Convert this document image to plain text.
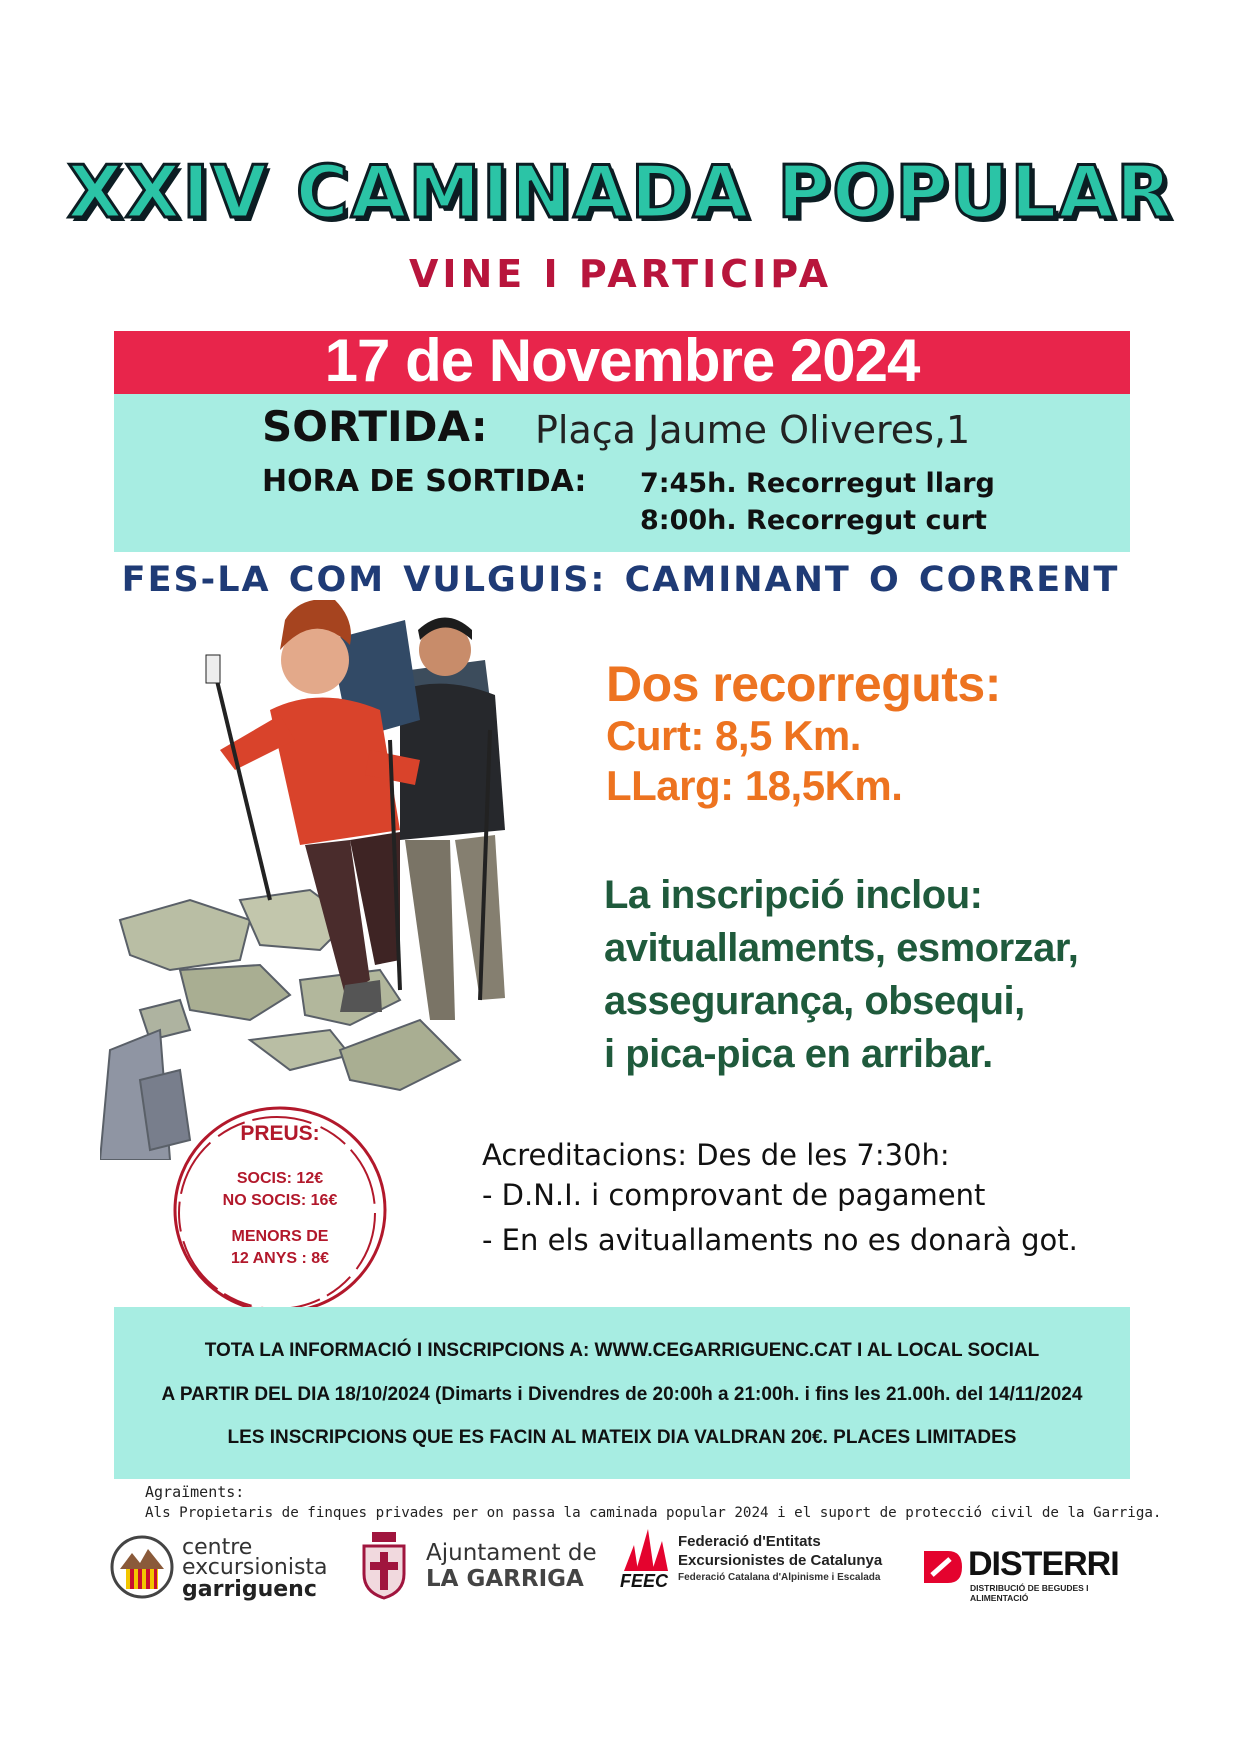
XXIV CAMINADA POPULAR
VINE I PARTICIPA
17 de Novembre 2024
SORTIDA: Plaça Jaume Oliveres,1
HORA DE SORTIDA: 7:45h. Recorregut llarg
8:00h. Recorregut curt
FES-LA COM VULGUIS: CAMINANT O CORRENT
Dos recorreguts:
Curt: 8,5 Km.
LLarg: 18,5Km.
La inscripció inclou:
avituallaments, esmorzar,
assegurança, obsequi,
i pica-pica en arribar.
PREUS:
SOCIS: 12€
NO SOCIS: 16€
MENORS DE
12 ANYS : 8€
Acreditacions: Des de les 7:30h:
- D.N.I. i comprovant de pagament
- En els avituallaments no es donarà got.
TOTA LA INFORMACIÓ I INSCRIPCIONS A: WWW.CEGARRIGUENC.CAT I AL LOCAL SOCIAL
A PARTIR DEL DIA 18/10/2024 (Dimarts i Divendres de 20:00h a 21:00h. i fins les 21.00h. del 14/11/2024
LES INSCRIPCIONS QUE ES FACIN AL MATEIX DIA VALDRAN 20€. PLACES LIMITADES
Agraïments:
Als Propietaris de finques privades per on passa la caminada popular 2024 i el suport de protecció civil de la Garriga.
centre
excursionista
garriguenc
Ajuntament de
LA GARRIGA FEEC
Federació d'Entitats
Excursionistes de Catalunya
Federació Catalana d'Alpinisme i Escalada	DISTERRI
DISTRIBUCIÓ DE BEGUDES I ALIMENTACIÓ
